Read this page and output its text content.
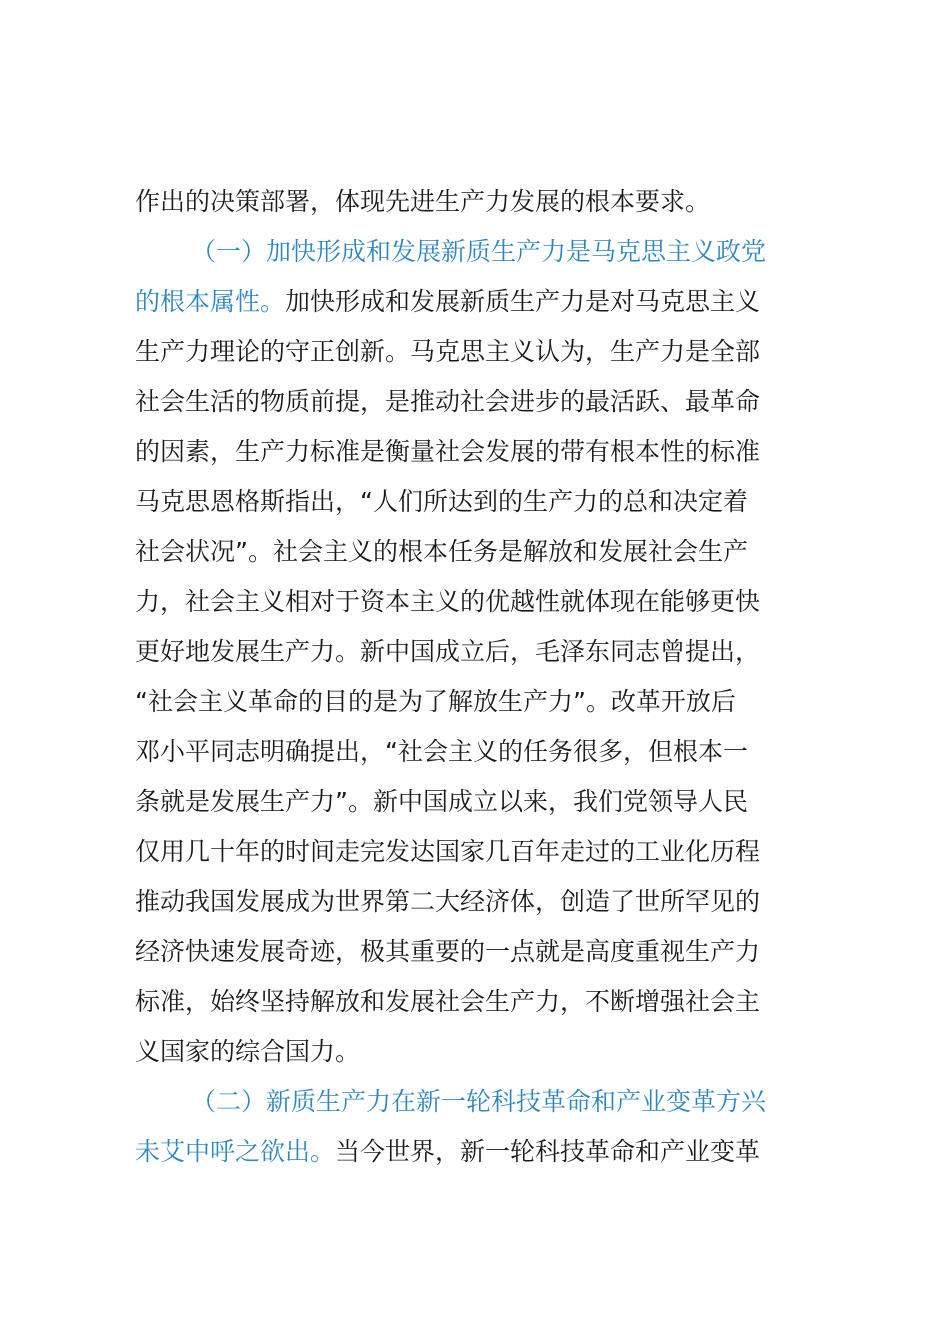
作出的决策部署，体现先进生产力发展的根本要求。
（一）加快形成和发展新质生产力是马克思主义政党
的根本属性。加快形成和发展新质生产力是对马克思主义
生产力理论的守正创新。马克思主义认为，生产力是全部
社会生活的物质前提，是推动社会进步的最活跃、最革命
的因素，生产力标准是衡量社会发展的带有根本性的标准
马克思恩格斯指出，“人们所达到的生产力的总和决定着
社会状况”。社会主义的根本任务是解放和发展社会生产
力，社会主义相对于资本主义的优越性就体现在能够更快
更好地发展生产力。新中国成立后，毛泽东同志曾提出，
“社会主义革命的目的是为了解放生产力”。改革开放后
邓小平同志明确提出，“社会主义的任务很多，但根本一
条就是发展生产力”。新中国成立以来，我们党领导人民
仅用几十年的时间走完发达国家几百年走过的工业化历程
推动我国发展成为世界第二大经济体，创造了世所罕见的
经济快速发展奇迹，极其重要的一点就是高度重视生产力
标准，始终坚持解放和发展社会生产力，不断增强社会主
义国家的综合国力。
（二）新质生产力在新一轮科技革命和产业变革方兴
未艾中呼之欲出。当今世界，新一轮科技革命和产业变革
